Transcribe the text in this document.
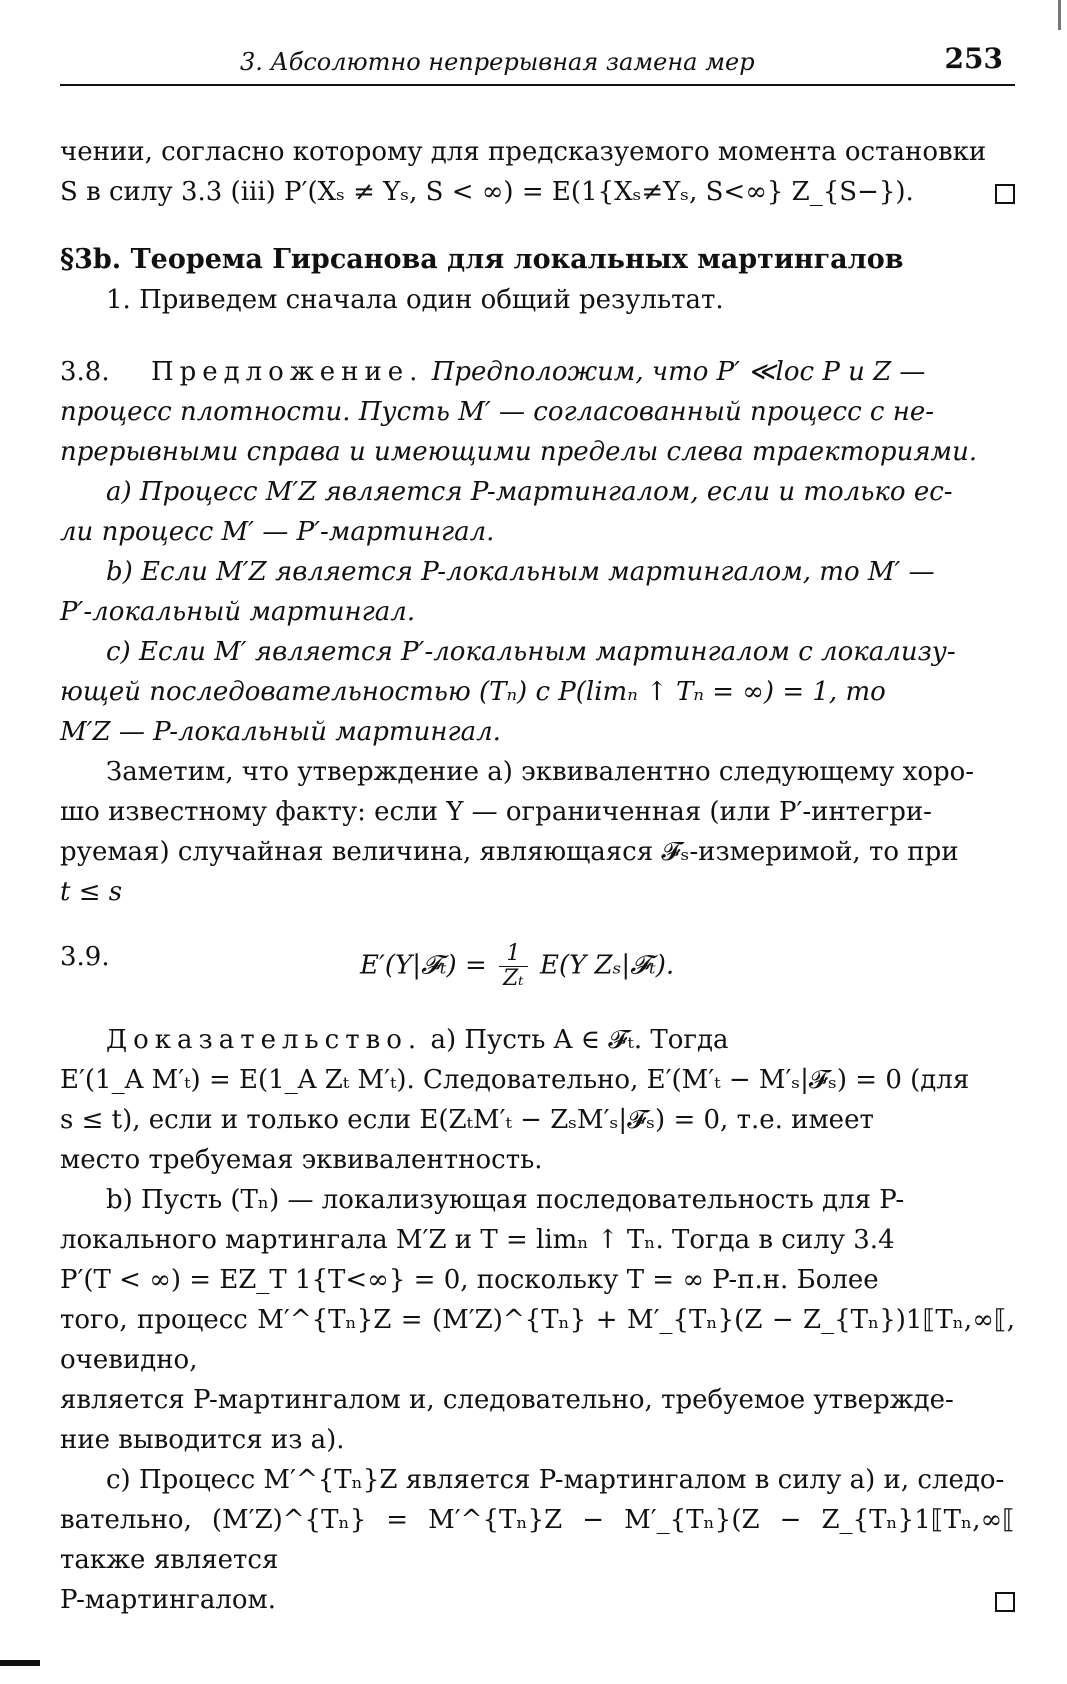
3. Абсолютно непрерывная замена мер	253

чении, согласно которому для предсказуемого момента остановки

S в силу 3.3 (iii) P′(Xₛ ≠ Yₛ, S < ∞) = E(1{Xₛ≠Yₛ, S<∞} Z_{S−}).

§3b. Теорема Гирсанова для локальных мартингалов

1. Приведем сначала один общий результат.

3.8. Предложение. Предположим, что P′ ≪loc P и Z —

процесс плотности. Пусть M′ — согласованный процесс с не-

прерывными справа и имеющими пределы слева траекториями.

a) Процесс M′Z является P-мартингалом, если и только ес-

ли процесс M′ — P′-мартингал.

b) Если M′Z является P-локальным мартингалом, то M′ —

P′-локальный мартингал.

c) Если M′ является P′-локальным мартингалом с локализу-

ющей последовательностью (Tₙ) с P(limₙ ↑ Tₙ = ∞) = 1, то

M′Z — P-локальный мартингал.

Заметим, что утверждение a) эквивалентно следующему хоро-

шо известному факту: если Y — ограниченная (или P′-интегри-

руемая) случайная величина, являющаяся 𝓕ₛ-измеримой, то при

t ≤ s

3.9.	E′(Y|𝓕ₜ) = $\frac{1}{\text{Zₜ}} E(Y$ Zₛ|𝓕ₜ).

Доказательство. a) Пусть A ∈ 𝓕ₜ. Тогда

E′(1_A M′ₜ) = E(1_A Zₜ M′ₜ). Следовательно, E′(M′ₜ − M′ₛ|𝓕ₛ) = 0 (для

s ≤ t), если и только если E(ZₜM′ₜ − ZₛM′ₛ|𝓕ₛ) = 0, т.е. имеет

место требуемая эквивалентность.

b) Пусть (Tₙ) — локализующая последовательность для P-

локального мартингала M′Z и T = limₙ ↑ Tₙ. Тогда в силу 3.4

P′(T < ∞) = EZ_T 1{T<∞} = 0, поскольку T = ∞ P-п.н. Более

того, процесс M′^{Tₙ}Z = (M′Z)^{Tₙ} + M′_{Tₙ}(Z − Z_{Tₙ})1⟦Tₙ,∞⟦, очевидно,

является P-мартингалом и, следовательно, требуемое утвержде-

ние выводится из a).

c) Процесс M′^{Tₙ}Z является P-мартингалом в силу a) и, следо-

вательно, (M′Z)^{Tₙ} = M′^{Tₙ}Z − M′_{Tₙ}(Z − Z_{Tₙ}1⟦Tₙ,∞⟦ также является

P-мартингалом.
